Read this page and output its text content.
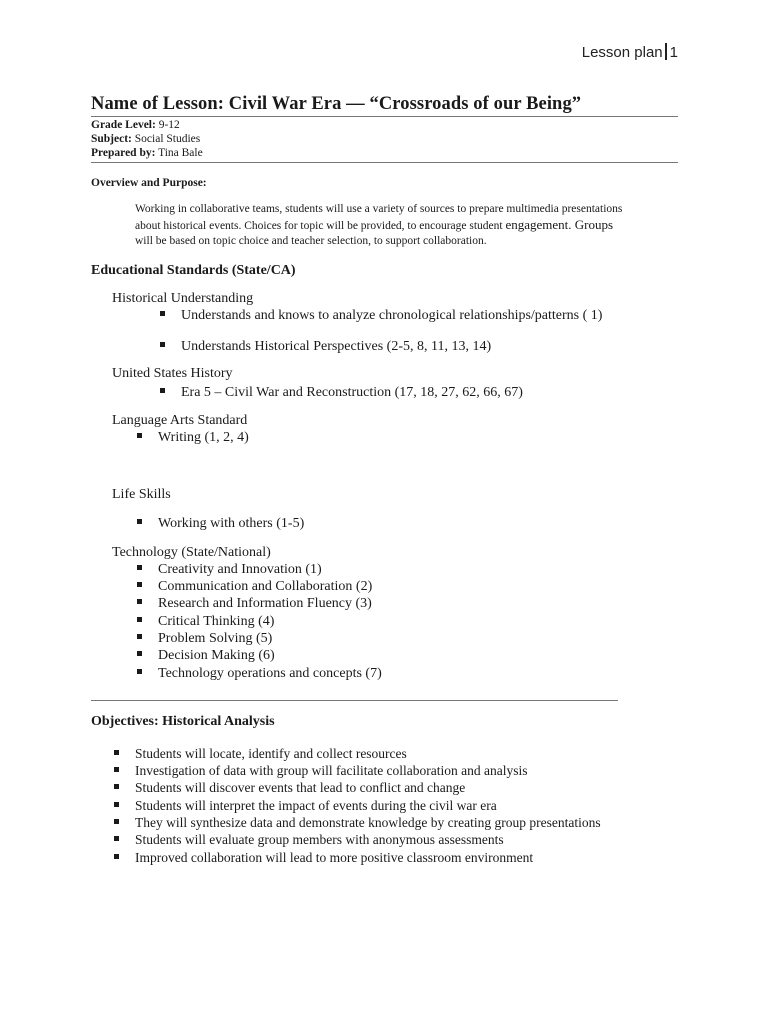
Lesson plan 1
Name of Lesson: Civil War Era — “Crossroads of our Being”
Grade Level: 9-12
Subject: Social Studies
Prepared by: Tina Bale
Overview and Purpose:
Working in collaborative teams, students will use a variety of sources to prepare multimedia presentations
about historical events. Choices for topic will be provided, to encourage student engagement. Groups
will be based on topic choice and teacher selection, to support collaboration.
Educational Standards (State/CA)
Historical Understanding
Understands and knows to analyze chronological relationships/patterns ( 1)
Understands Historical Perspectives (2-5, 8, 11, 13, 14)
United States History
Era 5 – Civil War and Reconstruction (17, 18, 27, 62, 66, 67)
Language Arts Standard
Writing (1, 2, 4)
Life Skills
Working with others (1-5)
Technology (State/National)
Creativity and Innovation (1)
Communication and Collaboration (2)
Research and Information Fluency (3)
Critical Thinking (4)
Problem Solving (5)
Decision Making (6)
Technology operations and concepts (7)
Objectives: Historical Analysis
Students will locate, identify and collect resources
Investigation of data with group will facilitate collaboration and analysis
Students will discover events that lead to conflict and change
Students will interpret the impact of events during the civil war era
They will synthesize data and demonstrate knowledge by creating group presentations
Students will evaluate group members with anonymous assessments
Improved collaboration will lead to more positive classroom environment
